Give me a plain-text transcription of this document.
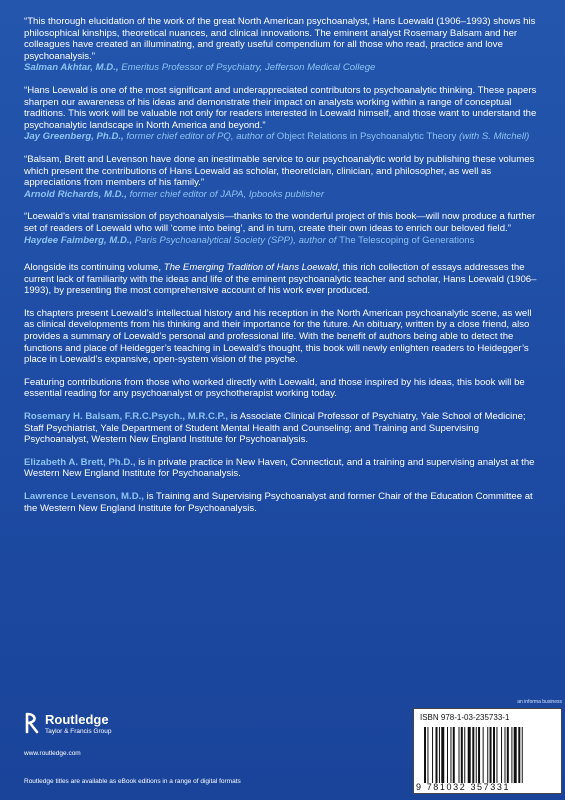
“This thorough elucidation of the work of the great North American psychoanalyst, Hans Loewald (1906–1993) shows his philosophical kinships, theoretical nuances, and clinical innovations. The eminent analyst Rosemary Balsam and her colleagues have created an illuminating, and greatly useful compendium for all those who read, practice and love psychoanalysis.”

Salman Akhtar, M.D., Emeritus Professor of Psychiatry, Jefferson Medical College

“Hans Loewald is one of the most significant and underappreciated contributors to psychoanalytic thinking. These papers sharpen our awareness of his ideas and demonstrate their impact on analysts working within a range of conceptual traditions. This work will be valuable not only for readers interested in Loewald himself, and those want to understand the psychoanalytic landscape in North America and beyond.”

Jay Greenberg, Ph.D., former chief editor of PQ, author of Object Relations in Psychoanalytic Theory (with S. Mitchell)

“Balsam, Brett and Levenson have done an inestimable service to our psychoanalytic world by publishing these volumes which present the contributions of Hans Loewald as scholar, theoretician, clinician, and philosopher, as well as appreciations from members of his family.”

Arnold Richards, M.D., former chief editor of JAPA, Ipbooks publisher

“Loewald’s vital transmission of psychoanalysis—thanks to the wonderful project of this book—will now produce a further set of readers of Loewald who will ‘come into being’, and in turn, create their own ideas to enrich our beloved field.”

Haydee Faimberg, M.D., Paris Psychoanalytical Society (SPP), author of The Telescoping of Generations

Alongside its continuing volume, The Emerging Tradition of Hans Loewald, this rich collection of essays addresses the current lack of familiarity with the ideas and life of the eminent psychoanalytic teacher and scholar, Hans Loewald (1906–1993), by presenting the most comprehensive account of his work ever produced.

Its chapters present Loewald’s intellectual history and his reception in the North American psychoanalytic scene, as well as clinical developments from his thinking and their importance for the future. An obituary, written by a close friend, also provides a summary of Loewald’s personal and professional life. With the benefit of authors being able to detect the functions and place of Heidegger’s teaching in Loewald’s thought, this book will newly enlighten readers to Heidegger’s place in Loewald’s expansive, open-system vision of the psyche.

Featuring contributions from those who worked directly with Loewald, and those inspired by his ideas, this book will be essential reading for any psychoanalyst or psychotherapist working today.

Rosemary H. Balsam, F.R.C.Psych., M.R.C.P., is Associate Clinical Professor of Psychiatry, Yale School of Medicine; Staff Psychiatrist, Yale Department of Student Mental Health and Counseling; and Training and Supervising Psychoanalyst, Western New England Institute for Psychoanalysis.

Elizabeth A. Brett, Ph.D., is in private practice in New Haven, Connecticut, and a training and supervising analyst at the Western New England Institute for Psychoanalysis.

Lawrence Levenson, M.D., is Training and Supervising Psychoanalyst and former Chair of the Education Committee at the Western New England Institute for Psychoanalysis.

Routledge
Taylor & Francis Group
www.routledge.com
Routledge titles are available as eBook editions in a range of digital formats
an informa business
ISBN 978-1-03-235733-1
9 781032 357331
